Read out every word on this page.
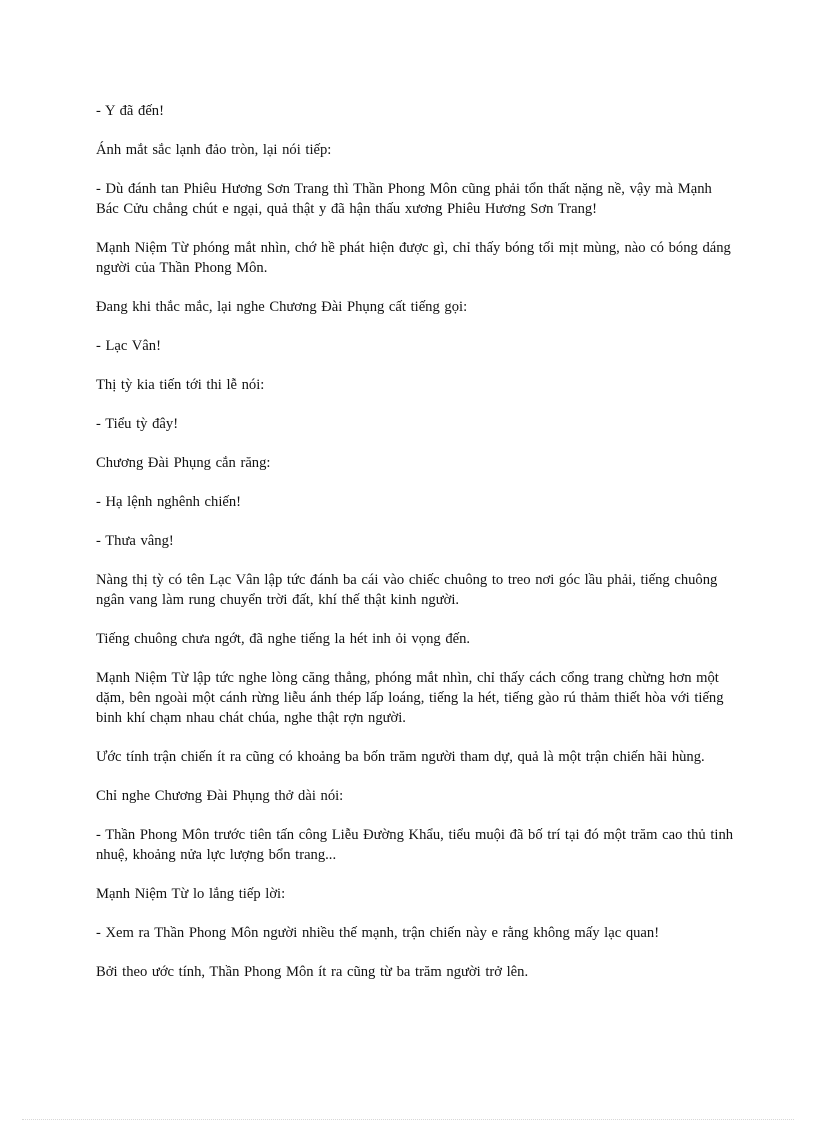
- Y đã đến!

Ánh mắt sắc lạnh đảo tròn, lại nói tiếp:

- Dù đánh tan Phiêu Hương Sơn Trang thì Thần Phong Môn cũng phải tổn thất nặng nề, vậy mà Mạnh Bác Cửu chẳng chút e ngại, quả thật y đã hận thấu xương Phiêu Hương Sơn Trang!

Mạnh Niệm Từ phóng mắt nhìn, chớ hề phát hiện được gì, chỉ thấy bóng tối mịt mùng, nào có bóng dáng người của Thần Phong Môn.

Đang khi thắc mắc, lại nghe Chương Đài Phụng cất tiếng gọi:

- Lạc Vân!

Thị tỳ kia tiến tới thi lễ nói:

- Tiểu tỳ đây!

Chương Đài Phụng cắn răng:

- Hạ lệnh nghênh chiến!

- Thưa vâng!

Nàng thị tỳ có tên Lạc Vân lập tức đánh ba cái vào chiếc chuông to treo nơi góc lầu phải, tiếng chuông ngân vang làm rung chuyển trời đất, khí thế thật kinh người.

Tiếng chuông chưa ngớt, đã nghe tiếng la hét inh ỏi vọng đến.

Mạnh Niệm Từ lập tức nghe lòng căng thẳng, phóng mắt nhìn, chỉ thấy cách cổng trang chừng hơn một dặm, bên ngoài một cánh rừng liễu ánh thép lấp loáng, tiếng la hét, tiếng gào rú thảm thiết hòa với tiếng binh khí chạm nhau chát chúa, nghe thật rợn người.

Ước tính trận chiến ít ra cũng có khoảng ba bốn trăm người tham dự, quả là một trận chiến hãi hùng.

Chỉ nghe Chương Đài Phụng thở dài nói:

- Thần Phong Môn trước tiên tấn công Liễu Đường Khẩu, tiểu muội đã bố trí tại đó một trăm cao thủ tinh nhuệ, khoảng nửa lực lượng bổn trang...

Mạnh Niệm Từ lo lắng tiếp lời:

- Xem ra Thần Phong Môn người nhiều thế mạnh, trận chiến này e rằng không mấy lạc quan!

Bởi theo ước tính, Thần Phong Môn ít ra cũng từ ba trăm người trở lên.
